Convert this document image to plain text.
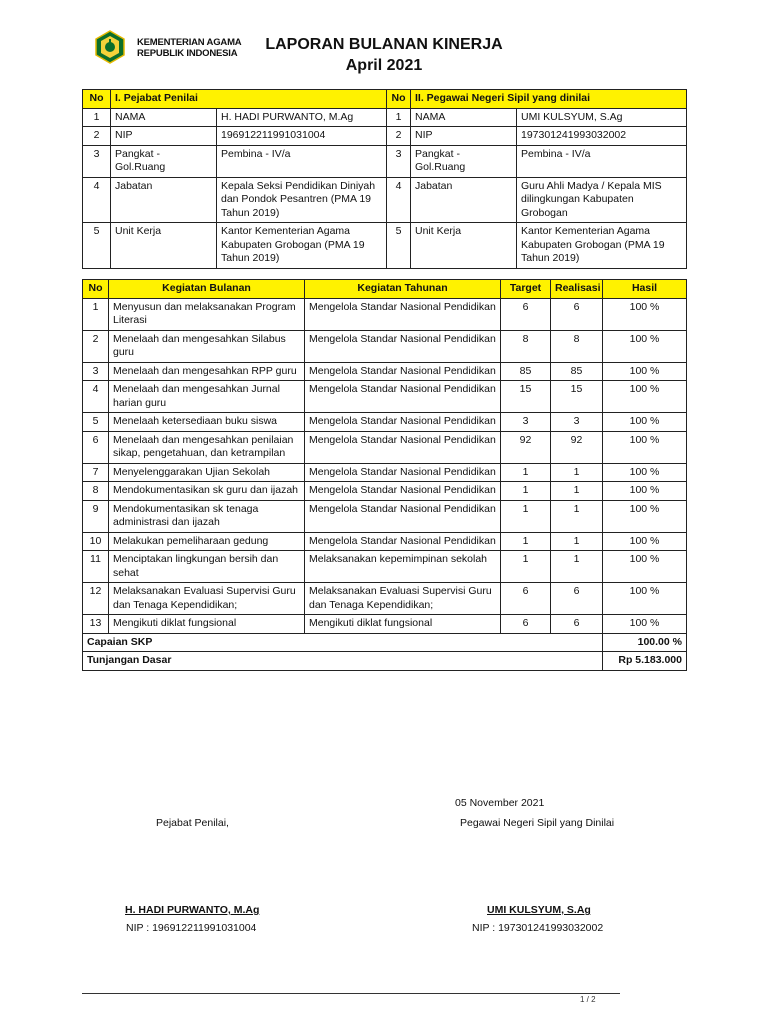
KEMENTERIAN AGAMA
REPUBLIK INDONESIA
LAPORAN BULANAN KINERJA
April 2021
No	I. Pejabat Penilai		No	II. Pegawai Negeri Sipil yang dinilai	
1	NAMA	H. HADI PURWANTO, M.Ag	1	NAMA	UMI KULSYUM, S.Ag
2	NIP	196912211991031004	2	NIP	197301241993032002
3	Pangkat - Gol.Ruang	Pembina - IV/a	3	Pangkat - Gol.Ruang	Pembina - IV/a
4	Jabatan	Kepala Seksi Pendidikan Diniyah dan Pondok Pesantren (PMA 19 Tahun 2019)	4	Jabatan	Guru Ahli Madya / Kepala MIS dilingkungan Kabupaten Grobogan
5	Unit Kerja	Kantor Kementerian Agama Kabupaten Grobogan (PMA 19 Tahun 2019)	5	Unit Kerja	Kantor Kementerian Agama Kabupaten Grobogan (PMA 19 Tahun 2019)
No	Kegiatan Bulanan	Kegiatan Tahunan	Target	Realisasi	Hasil
1	Menyusun dan melaksanakan Program Literasi	Mengelola Standar Nasional Pendidikan	6	6	100 %
2	Menelaah dan mengesahkan Silabus guru	Mengelola Standar Nasional Pendidikan	8	8	100 %
3	Menelaah dan mengesahkan RPP guru	Mengelola Standar Nasional Pendidikan	85	85	100 %
4	Menelaah dan mengesahkan Jurnal harian guru	Mengelola Standar Nasional Pendidikan	15	15	100 %
5	Menelaah ketersediaan buku siswa	Mengelola Standar Nasional Pendidikan	3	3	100 %
6	Menelaah dan mengesahkan penilaian sikap, pengetahuan, dan ketrampilan	Mengelola Standar Nasional Pendidikan	92	92	100 %
7	Menyelenggarakan Ujian Sekolah	Mengelola Standar Nasional Pendidikan	1	1	100 %
8	Mendokumentasikan sk guru dan ijazah	Mengelola Standar Nasional Pendidikan	1	1	100 %
9	Mendokumentasikan sk tenaga administrasi dan ijazah	Mengelola Standar Nasional Pendidikan	1	1	100 %
10	Melakukan pemeliharaan gedung	Mengelola Standar Nasional Pendidikan	1	1	100 %
11	Menciptakan lingkungan bersih dan sehat	Melaksanakan kepemimpinan sekolah	1	1	100 %
12	Melaksanakan Evaluasi Supervisi Guru dan Tenaga Kependidikan;	Melaksanakan Evaluasi Supervisi Guru dan Tenaga Kependidikan;	6	6	100 %
13	Mengikuti diklat fungsional	Mengikuti diklat fungsional	6	6	100 %
Capaian SKP					100.00 %
Tunjangan Dasar					Rp 5.183.000
05 November 2021
Pejabat Penilai,	Pegawai Negeri Sipil yang Dinilai
H. HADI PURWANTO, M.Ag
NIP : 196912211991031004
UMI KULSYUM, S.Ag
NIP : 197301241993032002
1 / 2
